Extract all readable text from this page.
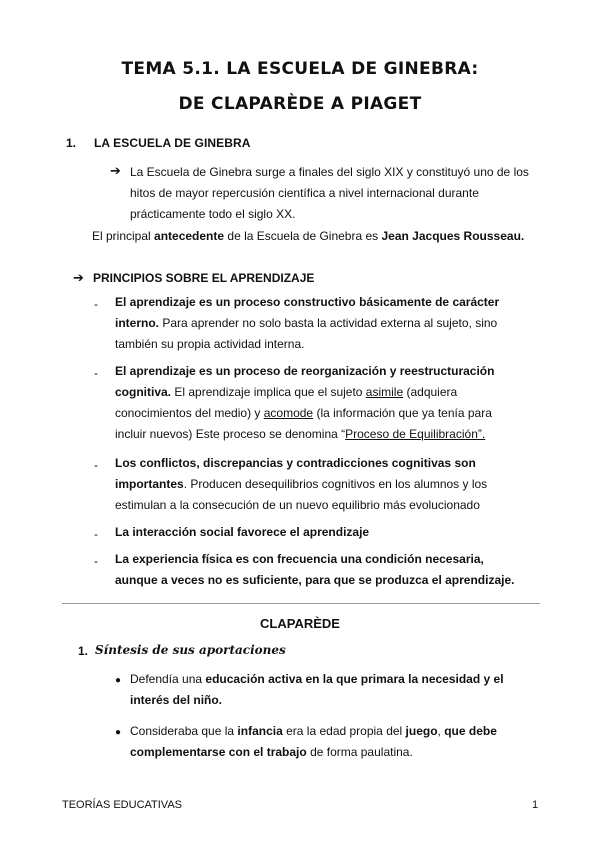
TEMA 5.1. LA ESCUELA DE GINEBRA:
DE CLAPARÈDE A PIAGET
1. LA ESCUELA DE GINEBRA
➔ La Escuela de Ginebra surge a finales del siglo XIX y constituyó uno de los hitos de mayor repercusión científica a nivel internacional durante prácticamente todo el siglo XX.
El principal antecedente de la Escuela de Ginebra es Jean Jacques Rousseau.
➔ PRINCIPIOS SOBRE EL APRENDIZAJE
- El aprendizaje es un proceso constructivo básicamente de carácter interno. Para aprender no solo basta la actividad externa al sujeto, sino también su propia actividad interna.
- El aprendizaje es un proceso de reorganización y reestructuración cognitiva. El aprendizaje implica que el sujeto asimile (adquiera conocimientos del medio) y acomode (la información que ya tenía para incluir nuevos) Este proceso se denomina “Proceso de Equilibración”.
- Los conflictos, discrepancias y contradicciones cognitivas son importantes. Producen desequilibrios cognitivos en los alumnos y los estimulan a la consecución de un nuevo equilibrio más evolucionado
- La interacción social favorece el aprendizaje
- La experiencia física es con frecuencia una condición necesaria, aunque a veces no es suficiente, para que se produzca el aprendizaje.
CLAPARÈDE
1. Síntesis de sus aportaciones
● Defendía una educación activa en la que primara la necesidad y el interés del niño.
● Consideraba que la infancia era la edad propia del juego, que debe complementarse con el trabajo de forma paulatina.
TEORÍAS EDUCATIVAS	1
